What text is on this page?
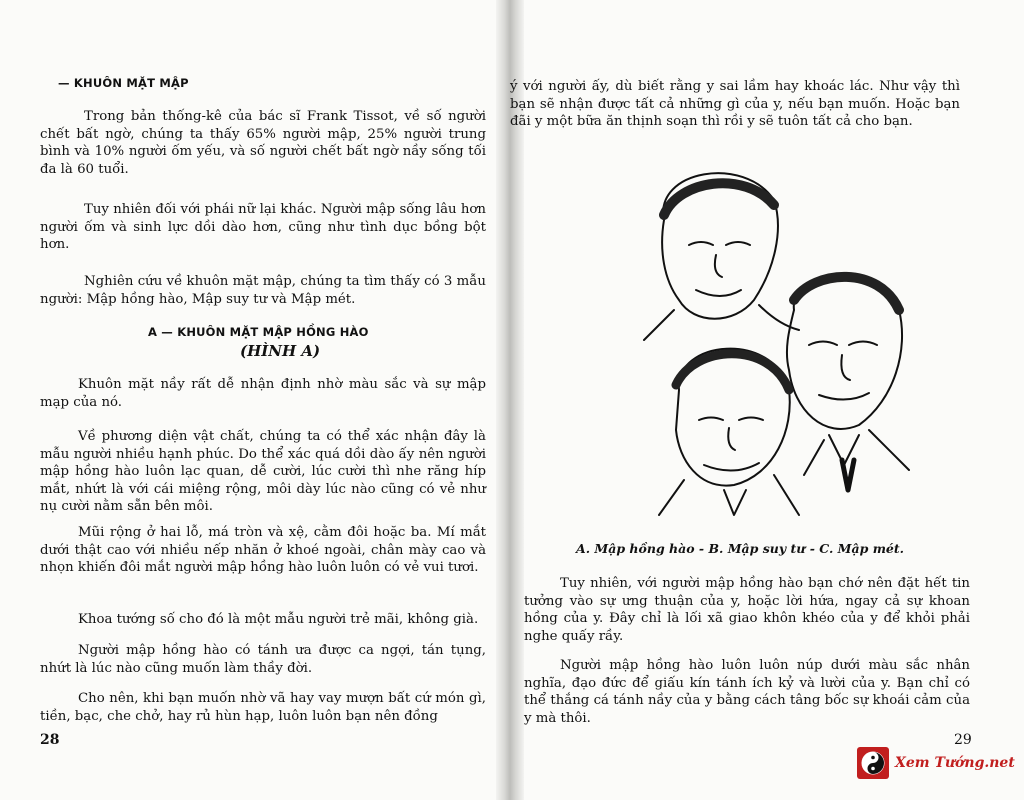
— KHUÔN MẶT MẬP

Trong bản thống-kê của bác sĩ Frank Tissot, về số người chết bất ngờ, chúng ta thấy 65% người mập, 25% người trung bình và 10% người ốm yếu, và số người chết bất ngờ nầy sống tối đa là 60 tuổi.

Tuy nhiên đối với phái nữ lại khác. Người mập sống lâu hơn người ốm và sinh lực dồi dào hơn, cũng như tình dục bồng bột hơn.

Nghiên cứu về khuôn mặt mập, chúng ta tìm thấy có 3 mẫu người: Mập hồng hào, Mập suy tư và Mập mét.

A — KHUÔN MẶT MẬP HỒNG HÀO

(HÌNH A)

Khuôn mặt nầy rất dễ nhận định nhờ màu sắc và sự mập mạp của nó.

Về phương diện vật chất, chúng ta có thể xác nhận đây là mẫu người nhiều hạnh phúc. Do thể xác quá dồi dào ấy nên người mập hồng hào luôn lạc quan, dễ cười, lúc cười thì nhe răng híp mắt, nhứt là với cái miệng rộng, môi dày lúc nào cũng có vẻ như nụ cười nằm sẵn bên môi.

Mũi rộng ở hai lỗ, má tròn và xệ, cằm đôi hoặc ba. Mí mắt dưới thật cao với nhiều nếp nhăn ở khoé ngoài, chân mày cao và nhọn khiến đôi mắt người mập hồng hào luôn luôn có vẻ vui tươi.

Khoa tướng số cho đó là một mẫu người trẻ mãi, không già.

Người mập hồng hào có tánh ưa được ca ngợi, tán tụng, nhứt là lúc nào cũng muốn làm thầy đời.

Cho nên, khi bạn muốn nhờ vã hay vay mượn bất cứ món gì, tiền, bạc, che chở, hay rủ hùn hạp, luôn luôn bạn nên đồng

28

ý với người ấy, dù biết rằng y sai lầm hay khoác lác. Như vậy thì bạn sẽ nhận được tất cả những gì của y, nếu bạn muốn. Hoặc bạn đãi y một bữa ăn thịnh soạn thì rồi y sẽ tuôn tất cả cho bạn.

A. Mập hồng hào - B. Mập suy tư - C. Mập mét.

Tuy nhiên, với người mập hồng hào bạn chớ nên đặt hết tin tưởng vào sự ưng thuận của y, hoặc lời hứa, ngay cả sự khoan hồng của y. Đây chỉ là lối xã giao khôn khéo của y để khỏi phải nghe quấy rầy.

Người mập hồng hào luôn luôn núp dưới màu sắc nhân nghĩa, đạo đức để giấu kín tánh ích kỷ và lười của y. Bạn chỉ có thể thắng cá tánh nầy của y bằng cách tâng bốc sự khoái cảm của y mà thôi.

29

Xem Tướng.net
